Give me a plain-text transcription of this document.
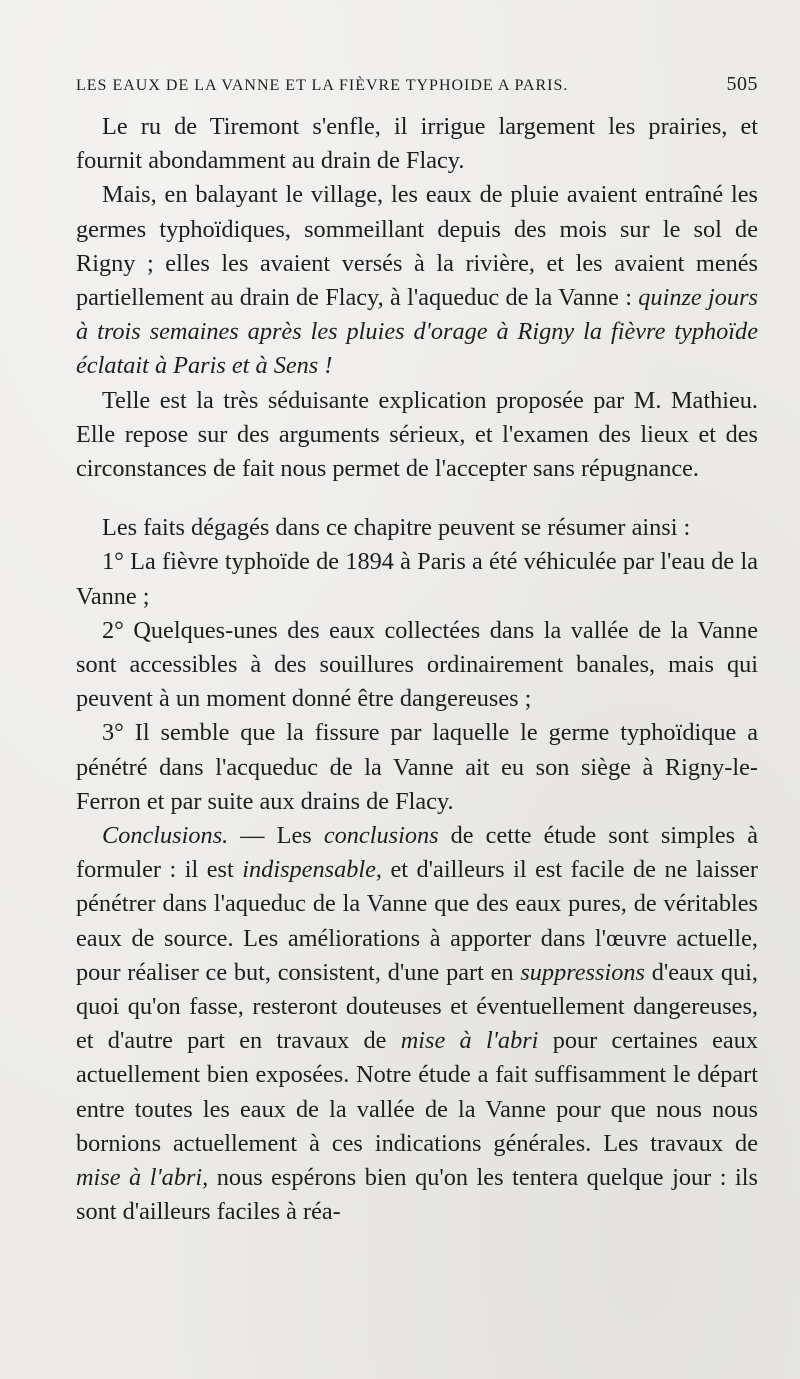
LES EAUX DE LA VANNE ET LA FIÈVRE TYPHOIDE A PARIS.	505

Le ru de Tiremont s'enfle, il irrigue largement les prairies, et fournit abondamment au drain de Flacy.

Mais, en balayant le village, les eaux de pluie avaient entraîné les germes typhoïdiques, sommeillant depuis des mois sur le sol de Rigny ; elles les avaient versés à la rivière, et les avaient menés partiellement au drain de Flacy, à l'aqueduc de la Vanne : quinze jours à trois semaines après les pluies d'orage à Rigny la fièvre typhoïde éclatait à Paris et à Sens !

Telle est la très séduisante explication proposée par M. Mathieu. Elle repose sur des arguments sérieux, et l'examen des lieux et des circonstances de fait nous permet de l'accepter sans répugnance.

Les faits dégagés dans ce chapitre peuvent se résumer ainsi :

1° La fièvre typhoïde de 1894 à Paris a été véhiculée par l'eau de la Vanne ;

2° Quelques-unes des eaux collectées dans la vallée de la Vanne sont accessibles à des souillures ordinairement banales, mais qui peuvent à un moment donné être dangereuses ;

3° Il semble que la fissure par laquelle le germe typhoïdique a pénétré dans l'acqueduc de la Vanne ait eu son siège à Rigny-le-Ferron et par suite aux drains de Flacy.

Conclusions. — Les conclusions de cette étude sont simples à formuler : il est indispensable, et d'ailleurs il est facile de ne laisser pénétrer dans l'aqueduc de la Vanne que des eaux pures, de véritables eaux de source. Les améliorations à apporter dans l'œuvre actuelle, pour réaliser ce but, consistent, d'une part en suppressions d'eaux qui, quoi qu'on fasse, resteront douteuses et éventuellement dangereuses, et d'autre part en travaux de mise à l'abri pour certaines eaux actuellement bien exposées. Notre étude a fait suffisamment le départ entre toutes les eaux de la vallée de la Vanne pour que nous nous bornions actuellement à ces indications générales. Les travaux de mise à l'abri, nous espérons bien qu'on les tentera quelque jour : ils sont d'ailleurs faciles à réa-
